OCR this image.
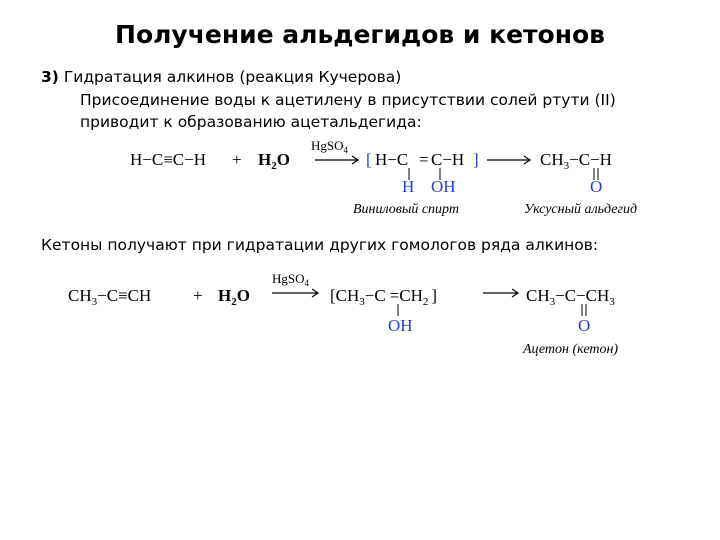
Получение альдегидов и кетонов
3) Гидратация алкинов (реакция Кучерова)
Присоединение воды к ацетилену в присутствии солей ртути (II)
приводит к образованию ацетальдегида:
HgSO$_4$
$H-C\equiv C-H + H_2O$	[ H−C = C−H ]
H OH
$CH_3-C-H$
O
Виниловый спирт	Уксусный альдегид
HgSO$_4$
$CH_3-C\equiv CH + H_2O$	[$CH_3-C =CH_2$ ]
OH
$CH_3-C-CH_3$
O
Ацетон (кетон)
Кетоны получают при гидратации других гомологов ряда алкинов:
